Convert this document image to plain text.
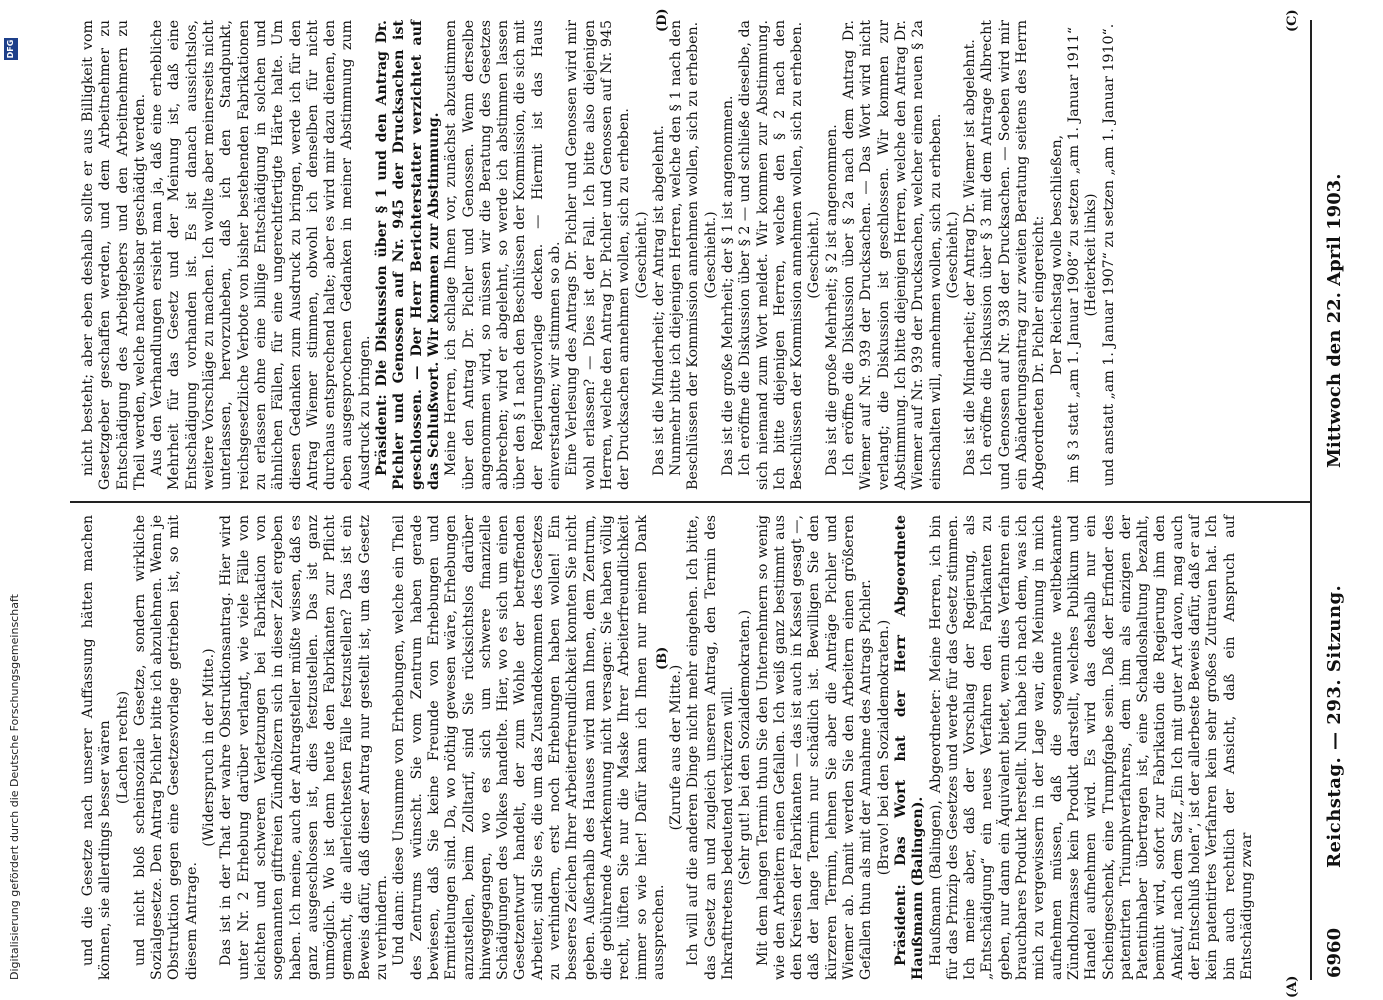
6960
Reichstag. — 293. Sitzung.
Mittwoch den 22. April 1903.
(A)
(B)
(C)
(D)

und die Gesetze nach unserer Auffassung hätten machen können, sie allerdings besser wären (Lachen rechts) und nicht bloß scheinsoziale Gesetze, sondern wirkliche Sozialgesetze. Den Antrag Pichler bitte ich abzulehnen. Wenn je Obstruktion gegen eine Gesetzesvorlage getrieben ist, so mit diesem Antrage.

(Widerspruch in der Mitte.) Das ist in der That der wahre Obstruktionsantrag. Hier wird unter Nr. 2 Erhebung darüber verlangt, wie viele Fälle von leichten und schweren Verletzungen bei Fabrikation von sogenannten giftfreien Zündhölzern sich in dieser Zeit ergeben haben. Ich meine, auch der Antragsteller müßte wissen, daß es ganz ausgeschlossen ist, dies festzustellen. Das ist ganz unmöglich. Wo ist denn heute den Fabrikanten zur Pflicht gemacht, die allerleichtesten Fälle festzustellen? Das ist ein Beweis dafür, daß dieser Antrag nur gestellt ist, um das Gesetz zu verhindern. Und dann: diese Unsumme von Erhebungen, welche ein Theil des Zentrums wünscht. Sie vom Zentrum haben gerade bewiesen, daß Sie keine Freunde von Erhebungen und Ermittelungen sind. Da, wo nöthig gewesen wäre, Erhebungen anzustellen, beim Zolltarif, sind Sie rücksichtslos darüber hinweggegangen, wo es sich um schwere finanzielle Schädigungen des Volkes handelte. Hier, wo es sich um einen Gesetzentwurf handelt, der zum Wohle der betreffenden Arbeiter, sind Sie es, die um das Zustandekommen des Gesetzes zu verhindern, erst noch Erhebungen haben wollen! Ein besseres Zeichen Ihrer Arbeiterfreundlichkeit konnten Sie nicht geben. Außerhalb des Hauses wird man Ihnen, dem Zentrum, die gebührende Anerkennung nicht versagen: Sie haben völlig recht, lüften Sie nur die Maske Ihrer Arbeiterfreundlichkeit immer so wie hier! Dafür kann ich Ihnen nur meinen Dank aussprechen.

(Zurufe aus der Mitte.) Ich will auf die anderen Dinge nicht mehr eingehen. Ich bitte, das Gesetz an und zugleich unseren Antrag, den Termin des Inkrafttretens bedeutend verkürzen will. (Sehr gut! bei den Sozialdemokraten.) Mit dem langen Termin thun Sie den Unternehmern so wenig wie den Arbeitern einen Gefallen. Ich weiß ganz bestimmt aus den Kreisen der Fabrikanten — das ist auch in Kassel gesagt —, daß der lange Termin nur schädlich ist. Bewilligen Sie den kürzeren Termin, lehnen Sie aber die Anträge Pichler und Wiemer ab. Damit werden Sie den Arbeitern einen größeren Gefallen thun als mit der Annahme des Antrags Pichler. (Bravo! bei den Sozialdemokraten.) Präsident: Das Wort hat der Herr Abgeordnete Haußmann (Balingen). Haußmann (Balingen), Abgeordneter: Meine Herren, ich bin für das Prinzip des Gesetzes und werde für das Gesetz stimmen. Ich meine aber, daß der Vorschlag der Regierung, als „Entschädigung“ ein neues Verfahren den Fabrikanten zu geben, nur dann ein Äquivalent bietet, wenn dies Verfahren ein brauchbares Produkt herstellt. Nun habe ich nach dem, was ich mich zu vergewissern in der Lage war, die Meinung in mich aufnehmen müssen, daß die sogenannte weltbekannte Zündholzmasse kein Produkt darstellt, welches Publikum und Handel aufnehmen wird. Es wird das deshalb nur ein Scheingeschenk, eine Trumpfgabe sein. Daß der Erfinder des patentirten Triumphverfahrens, dem ihm als einzigen der Patentinhaber übertragen ist, eine Schadloshaltung bezahlt, bemüht wird, sofort zur Fabrikation die Regierung ihm den Ankauf, nach dem Satz „Ein Ich mit guter Art davon, mag auch der Entschluß holen“, ist der allerbeste Beweis dafür, daß er auf kein patentirtes Verfahren kein sehr großes Zutrauen hat. Ich bin auch rechtlich der Ansicht, daß ein Anspruch auf Entschädigung zwar

nicht besteht; aber eben deshalb sollte er aus Billigkeit vom Gesetzgeber geschaffen werden, und dem Arbeitnehmer zu Entschädigung des Arbeitgebers und den Arbeitnehmern zu Theil werden, welche nachweisbar geschädigt werden. Aus den Verhandlungen ersieht man ja, daß eine erhebliche Mehrheit für das Gesetz und der Meinung ist, daß eine Entschädigung vorhanden ist. Es ist danach aussichtslos, weitere Vorschläge zu machen. Ich wollte aber meinerseits nicht unterlassen, hervorzuheben, daß ich den Standpunkt, reichsgesetzliche Verbote von bisher bestehenden Fabrikationen zu erlassen ohne eine billige Entschädigung in solchen und ähnlichen Fällen, für eine ungerechtfertigte Härte halte. Um diesen Gedanken zum Ausdruck zu bringen, werde ich für den Antrag Wiemer stimmen, obwohl ich denselben für nicht durchaus entsprechend halte; aber es wird mir dazu dienen, den eben ausgesprochenen Gedanken in meiner Abstimmung zum Ausdruck zu bringen. Präsident: Die Diskussion über § 1 und den Antrag Dr. Pichler und Genossen auf Nr. 945 der Drucksachen ist geschlossen. — Der Herr Berichterstatter verzichtet auf das Schlußwort. Wir kommen zur Abstimmung. Meine Herren, ich schlage Ihnen vor, zunächst abzustimmen über den Antrag Dr. Pichler und Genossen. Wenn derselbe angenommen wird, so müssen wir die Beratung des Gesetzes abbrechen; wird er abgelehnt, so werde ich abstimmen lassen über den § 1 nach den Beschlüssen der Kommission, die sich mit der Regierungsvorlage decken. — Hiermit ist das Haus einverstanden; wir stimmen so ab. Eine Verlesung des Antrags Dr. Pichler und Genossen wird mir wohl erlassen? — Dies ist der Fall. Ich bitte also diejenigen Herren, welche den Antrag Dr. Pichler und Genossen auf Nr. 945 der Drucksachen annehmen wollen, sich zu erheben. (Geschieht.) Das ist die Minderheit; der Antrag ist abgelehnt. Nunmehr bitte ich diejenigen Herren, welche den § 1 nach den Beschlüssen der Kommission annehmen wollen, sich zu erheben. (Geschieht.) Das ist die große Mehrheit; der § 1 ist angenommen. Ich eröffne die Diskussion über § 2 — und schließe dieselbe, da sich niemand zum Wort meldet. Wir kommen zur Abstimmung. Ich bitte diejenigen Herren, welche den § 2 nach den Beschlüssen der Kommission annehmen wollen, sich zu erheben. (Geschieht.) Das ist die große Mehrheit; § 2 ist angenommen. Ich eröffne die Diskussion über § 2a nach dem Antrag Dr. Wiemer auf Nr. 939 der Drucksachen. — Das Wort wird nicht verlangt; die Diskussion ist geschlossen. Wir kommen zur Abstimmung. Ich bitte diejenigen Herren, welche den Antrag Dr. Wiemer auf Nr. 939 der Drucksachen, welcher einen neuen § 2a einschalten will, annehmen wollen, sich zu erheben. (Geschieht.) Das ist die Minderheit; der Antrag Dr. Wiemer ist abgelehnt. Ich eröffne die Diskussion über § 3 mit dem Antrage Albrecht und Genossen auf Nr. 938 der Drucksachen. — Soeben wird mir ein Abänderungsantrag zur zweiten Beratung seitens des Herrn Abgeordneten Dr. Pichler eingereicht: Der Reichstag wolle beschließen, im § 3 statt „am 1. Januar 1908“ zu setzen „am 1. Januar 1911“ (Heiterkeit links) und anstatt „am 1. Januar 1907“ zu setzen „am 1. Januar 1910“.

Digitalisierung gefördert durch die Deutsche Forschungsgemeinschaft
DFG
